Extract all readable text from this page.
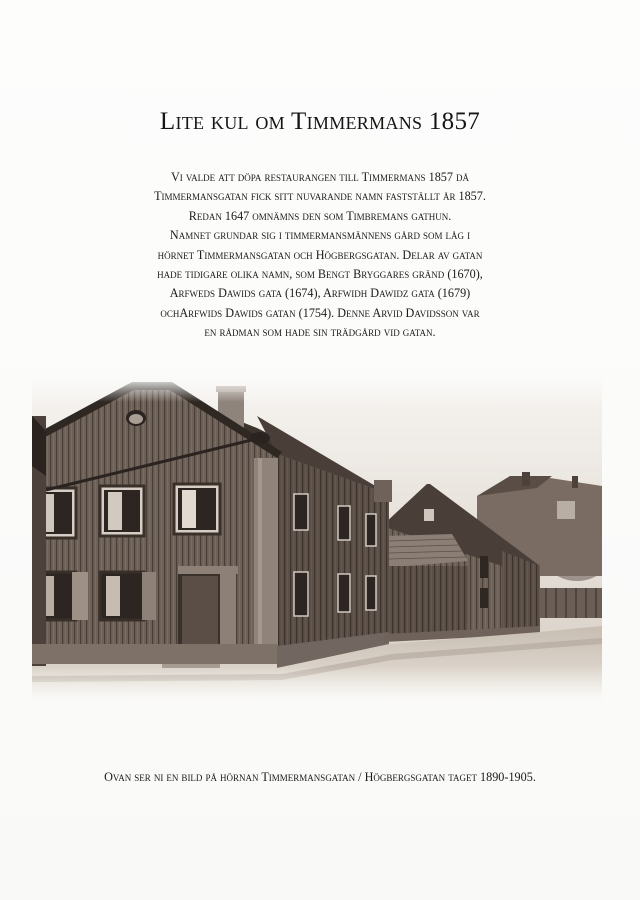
Lite kul om Timmermans 1857
Vi valde att döpa restaurangen till Timmermans 1857 då
Timmermansgatan fick sitt nuvarande namn fastställt år 1857.
Redan 1647 omnämns den som Timbremans gathun.
Namnet grundar sig i timmermansmännens gård som låg i
hörnet Timmermansgatan och Högbergsgatan. Delar av gatan
hade tidigare olika namn, som Bengt Bryggares gränd (1670),
Arfweds Dawids gata (1674), Arfwidh Dawidz gata (1679)
ochArfwids Dawids gatan (1754). Denne Arvid Davidsson var
en rådman som hade sin trädgård vid gatan.
Ovan ser ni en bild på hörnan Timmermansgatan / Högbergsgatan taget 1890-1905.
